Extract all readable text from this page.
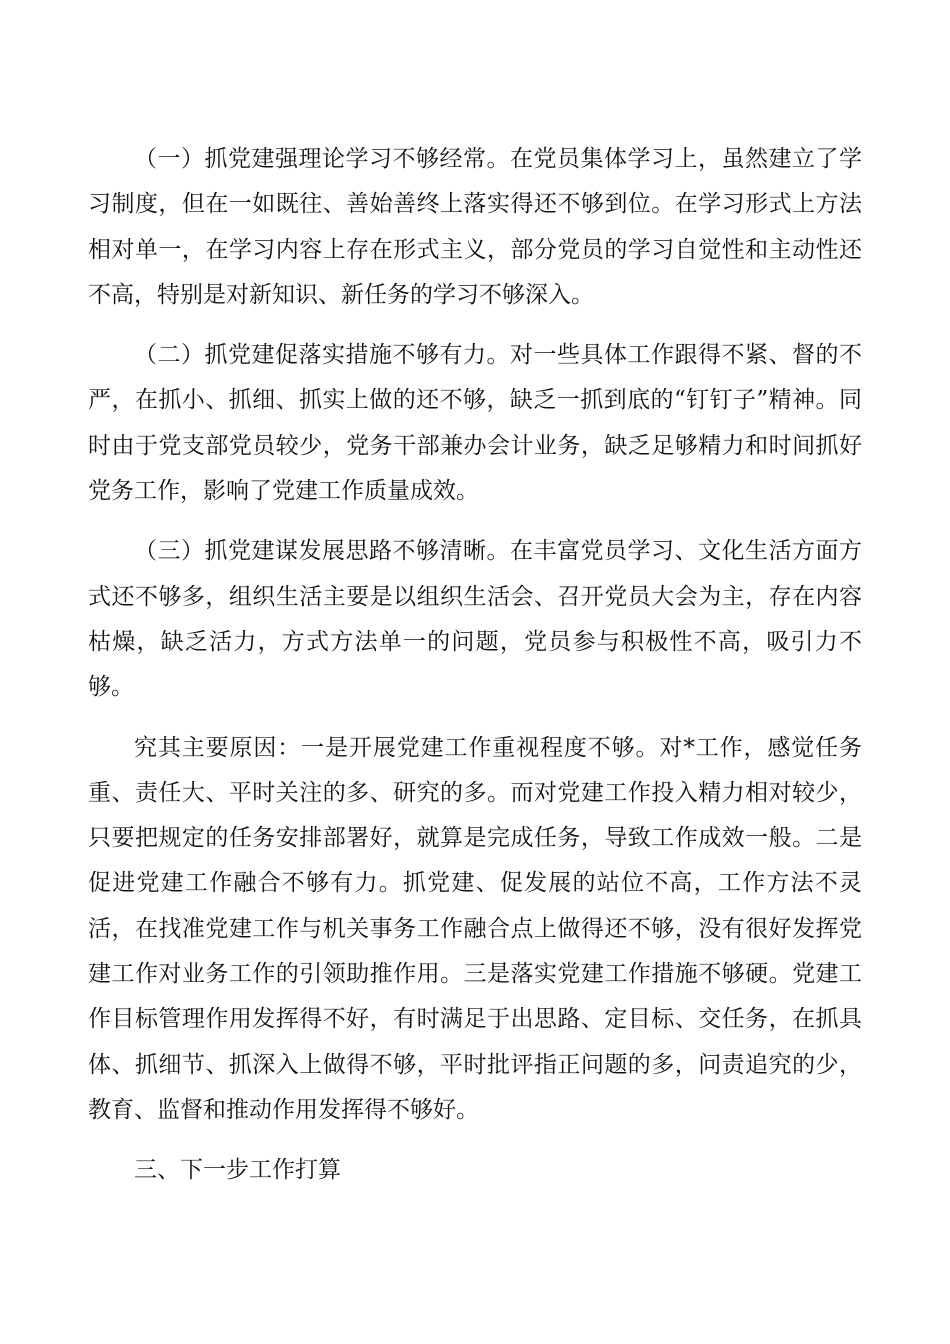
（一）抓党建强理论学习不够经常。在党员集体学习上，虽然建立了学习制度，但在一如既往、善始善终上落实得还不够到位。在学习形式上方法相对单一，在学习内容上存在形式主义，部分党员的学习自觉性和主动性还不高，特别是对新知识、新任务的学习不够深入。

（二）抓党建促落实措施不够有力。对一些具体工作跟得不紧、督的不严，在抓小、抓细、抓实上做的还不够，缺乏一抓到底的“钉钉子”精神。同时由于党支部党员较少，党务干部兼办会计业务，缺乏足够精力和时间抓好党务工作，影响了党建工作质量成效。

（三）抓党建谋发展思路不够清晰。在丰富党员学习、文化生活方面方式还不够多，组织生活主要是以组织生活会、召开党员大会为主，存在内容枯燥，缺乏活力，方式方法单一的问题，党员参与积极性不高，吸引力不够。

究其主要原因：一是开展党建工作重视程度不够。对*工作，感觉任务重、责任大、平时关注的多、研究的多。而对党建工作投入精力相对较少，只要把规定的任务安排部署好，就算是完成任务，导致工作成效一般。二是促进党建工作融合不够有力。抓党建、促发展的站位不高，工作方法不灵活，在找准党建工作与机关事务工作融合点上做得还不够，没有很好发挥党建工作对业务工作的引领助推作用。三是落实党建工作措施不够硬。党建工作目标管理作用发挥得不好，有时满足于出思路、定目标、交任务，在抓具体、抓细节、抓深入上做得不够，平时批评指正问题的多，问责追究的少，教育、监督和推动作用发挥得不够好。

三、下一步工作打算
